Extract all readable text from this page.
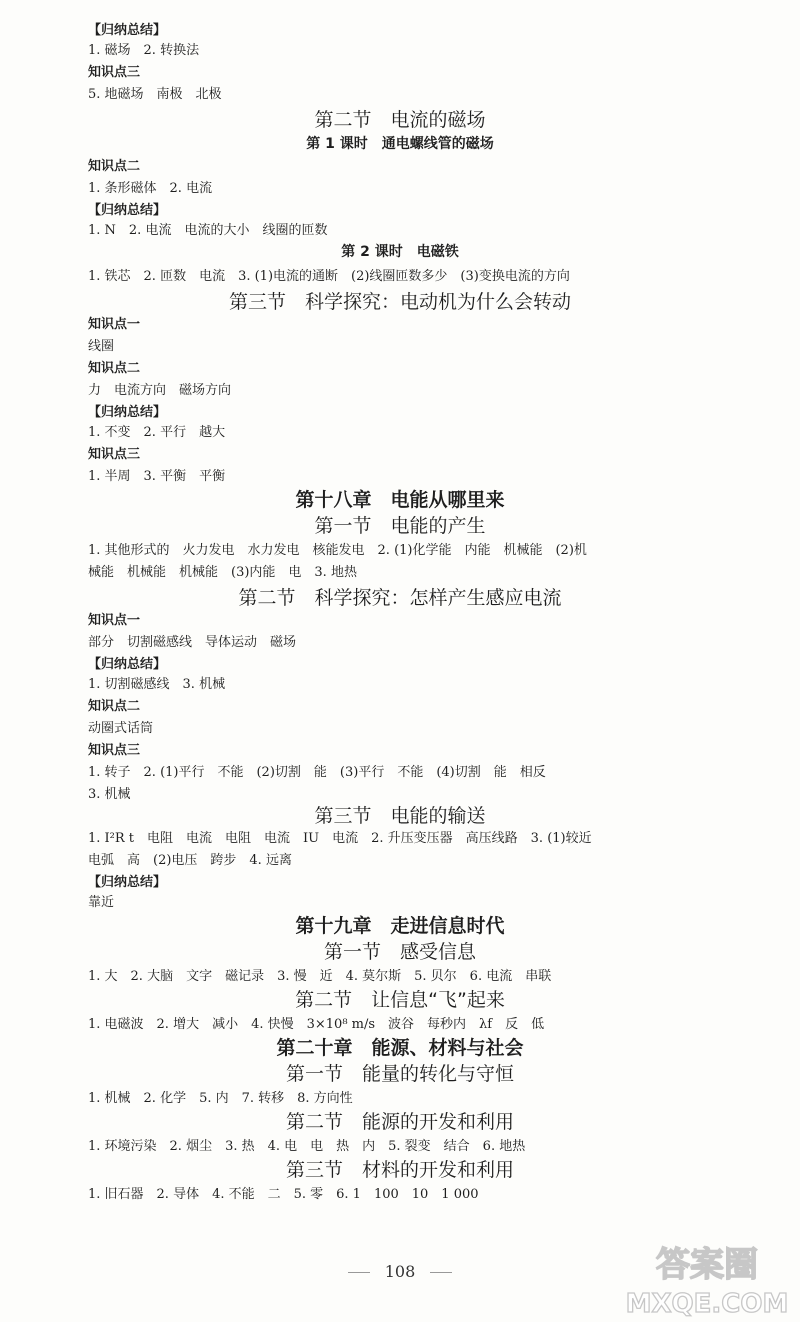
【归纳总结】
1. 磁场　2. 转换法
知识点三
5. 地磁场　南极　北极
第二节　电流的磁场
第 1 课时　通电螺线管的磁场
知识点二
1. 条形磁体　2. 电流
【归纳总结】
1. N　2. 电流　电流的大小　线圈的匝数
第 2 课时　电磁铁
1. 铁芯　2. 匝数　电流　3. (1)电流的通断　(2)线圈匝数多少　(3)变换电流的方向
第三节　科学探究：电动机为什么会转动
知识点一
线圈
知识点二
力　电流方向　磁场方向
【归纳总结】
1. 不变　2. 平行　越大
知识点三
1. 半周　3. 平衡　平衡
第十八章　电能从哪里来
第一节　电能的产生
1. 其他形式的　火力发电　水力发电　核能发电　2. (1)化学能　内能　机械能　(2)机
械能　机械能　机械能　(3)内能　电　3. 地热
第二节　科学探究：怎样产生感应电流
知识点一
部分　切割磁感线　导体运动　磁场
【归纳总结】
1. 切割磁感线　3. 机械
知识点二
动圈式话筒
知识点三
1. 转子　2. (1)平行　不能　(2)切割　能　(3)平行　不能　(4)切割　能　相反
3. 机械
第三节　电能的输送
1. I²R t　电阻　电流　电阻　电流　IU　电流　2. 升压变压器　高压线路　3. (1)较近
电弧　高　(2)电压　跨步　4. 远离
【归纳总结】
靠近
第十九章　走进信息时代
第一节　感受信息
1. 大　2. 大脑　文字　磁记录　3. 慢　近　4. 莫尔斯　5. 贝尔　6. 电流　串联
第二节　让信息“飞”起来
1. 电磁波　2. 增大　减小　4. 快慢　3×10⁸ m/s　波谷　每秒内　λf　反　低
第二十章　能源、材料与社会
第一节　能量的转化与守恒
1. 机械　2. 化学　5. 内　7. 转移　8. 方向性
第二节　能源的开发和利用
1. 环境污染　2. 烟尘　3. 热　4. 电　电　热　内　5. 裂变　结合　6. 地热
第三节　材料的开发和利用
1. 旧石器　2. 导体　4. 不能　二　5. 零　6. 1　100　10　1 000
108	答案圈
MXQE.COM
